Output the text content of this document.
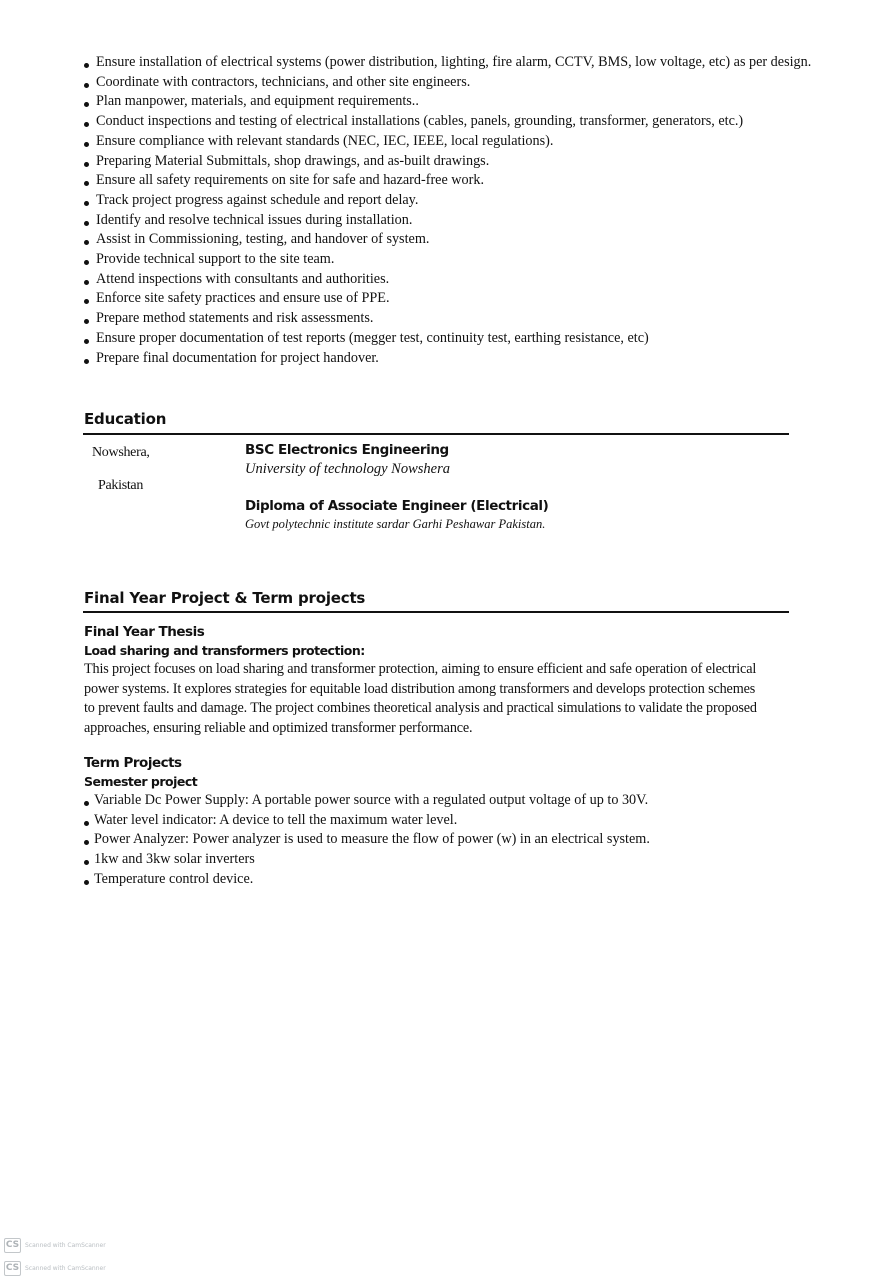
Ensure installation of electrical systems (power distribution, lighting, fire alarm, CCTV, BMS, low voltage, etc) as per design.
Coordinate with contractors, technicians, and other site engineers.
Plan manpower, materials, and equipment requirements..
Conduct inspections and testing of electrical installations (cables, panels, grounding, transformer, generators, etc.)
Ensure compliance with relevant standards (NEC, IEC, IEEE, local regulations).
Preparing Material Submittals, shop drawings, and as-built drawings.
Ensure all safety requirements on site for safe and hazard-free work.
Track project progress against schedule and report delay.
Identify and resolve technical issues during installation.
Assist in Commissioning, testing, and handover of system.
Provide technical support to the site team.
Attend inspections with consultants and authorities.
Enforce site safety practices and ensure use of PPE.
Prepare method statements and risk assessments.
Ensure proper documentation of test reports (megger test, continuity test, earthing resistance, etc)
Prepare final documentation for project handover.
Education
Nowshera,
Pakistan
BSC Electronics Engineering
University of technology Nowshera
Diploma of Associate Engineer (Electrical)
Govt polytechnic institute sardar Garhi Peshawar Pakistan.
Final Year Project & Term projects
Final Year Thesis
Load sharing and transformers protection:

This project focuses on load sharing and transformer protection, aiming to ensure efficient and safe operation of electrical power systems. It explores strategies for equitable load distribution among transformers and develops protection schemes to prevent faults and damage. The project combines theoretical analysis and practical simulations to validate the proposed approaches, ensuring reliable and optimized transformer performance.

Term Projects
Semester project
Variable Dc Power Supply: A portable power source with a regulated output voltage of up to 30V.
Water level indicator: A device to tell the maximum water level.
Power Analyzer: Power analyzer is used to measure the flow of power (w) in an electrical system.
1kw and 3kw solar inverters
Temperature control device.
CS Scanned with CamScanner
CS Scanned with CamScanner
